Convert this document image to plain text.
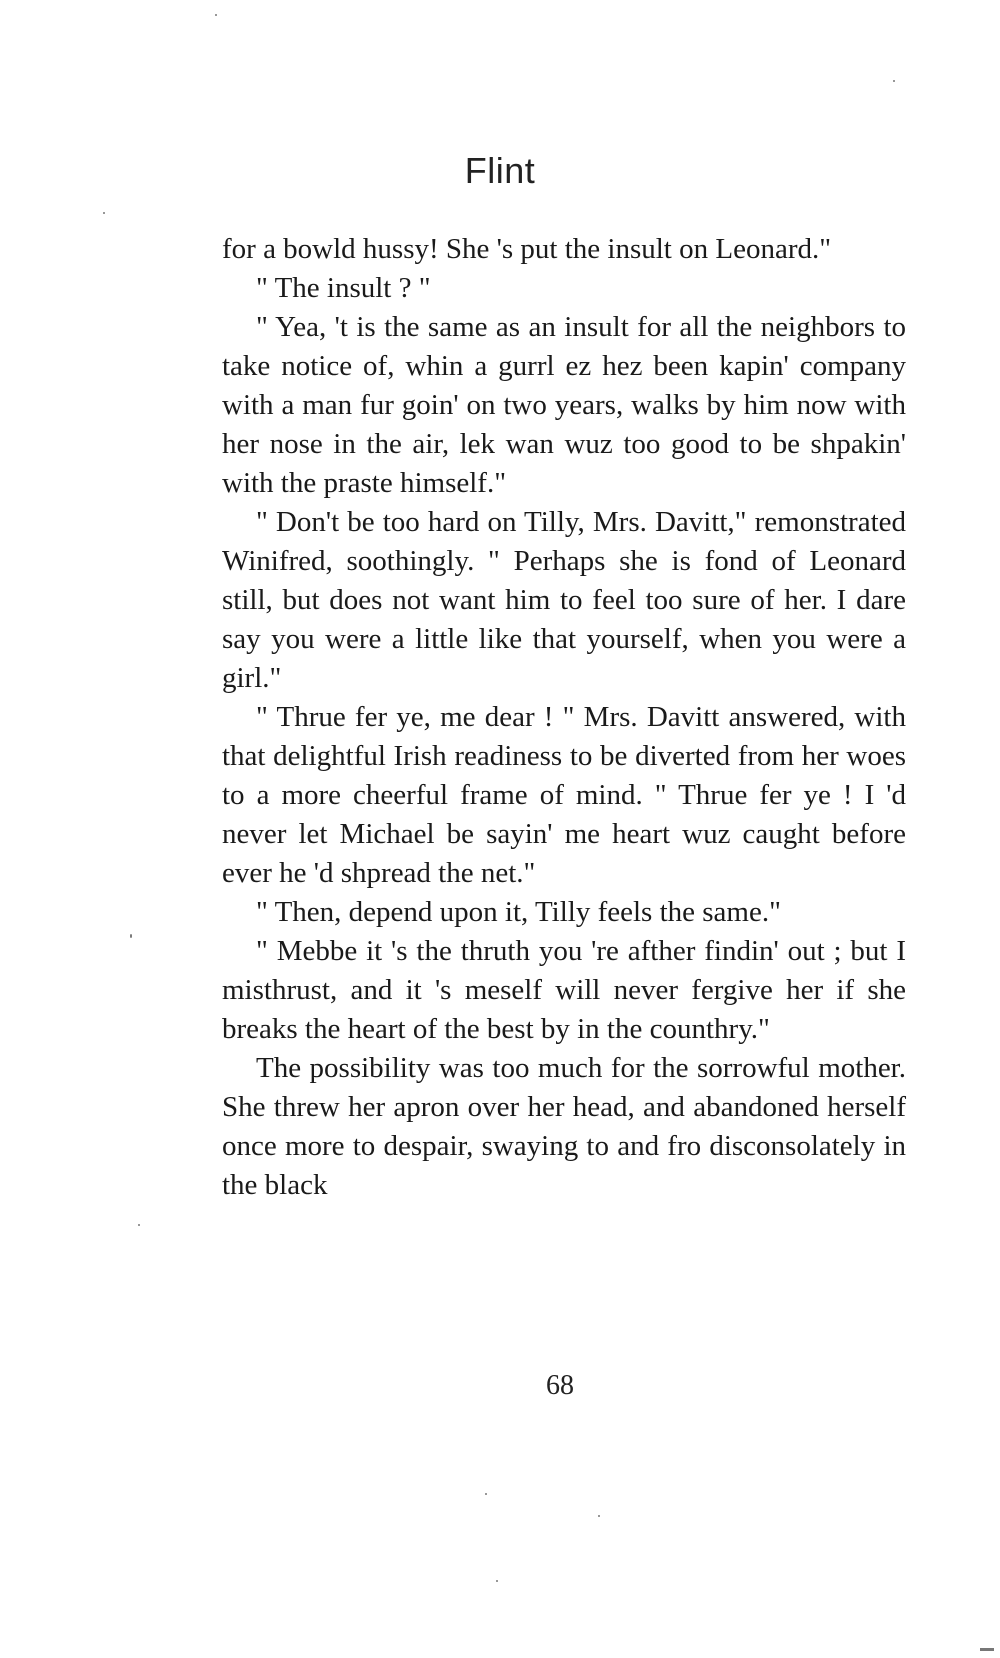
Flint

for a bowld hussy! She 's put the insult on Leonard."

" The insult ? "

" Yea, 't is the same as an insult for all the neighbors to take notice of, whin a gurrl ez hez been kapin' company with a man fur goin' on two years, walks by him now with her nose in the air, lek wan wuz too good to be shpakin' with the praste himself."

" Don't be too hard on Tilly, Mrs. Davitt," remonstrated Winifred, soothingly. " Perhaps she is fond of Leonard still, but does not want him to feel too sure of her. I dare say you were a little like that yourself, when you were a girl."

" Thrue fer ye, me dear ! " Mrs. Davitt answered, with that delightful Irish readiness to be diverted from her woes to a more cheerful frame of mind. " Thrue fer ye ! I 'd never let Michael be sayin' me heart wuz caught before ever he 'd shpread the net."

" Then, depend upon it, Tilly feels the same."

" Mebbe it 's the thruth you 're afther findin' out ; but I misthrust, and it 's meself will never fergive her if she breaks the heart of the best by in the counthry."

The possibility was too much for the sorrowful mother. She threw her apron over her head, and abandoned herself once more to despair, swaying to and fro disconsolately in the black

68
